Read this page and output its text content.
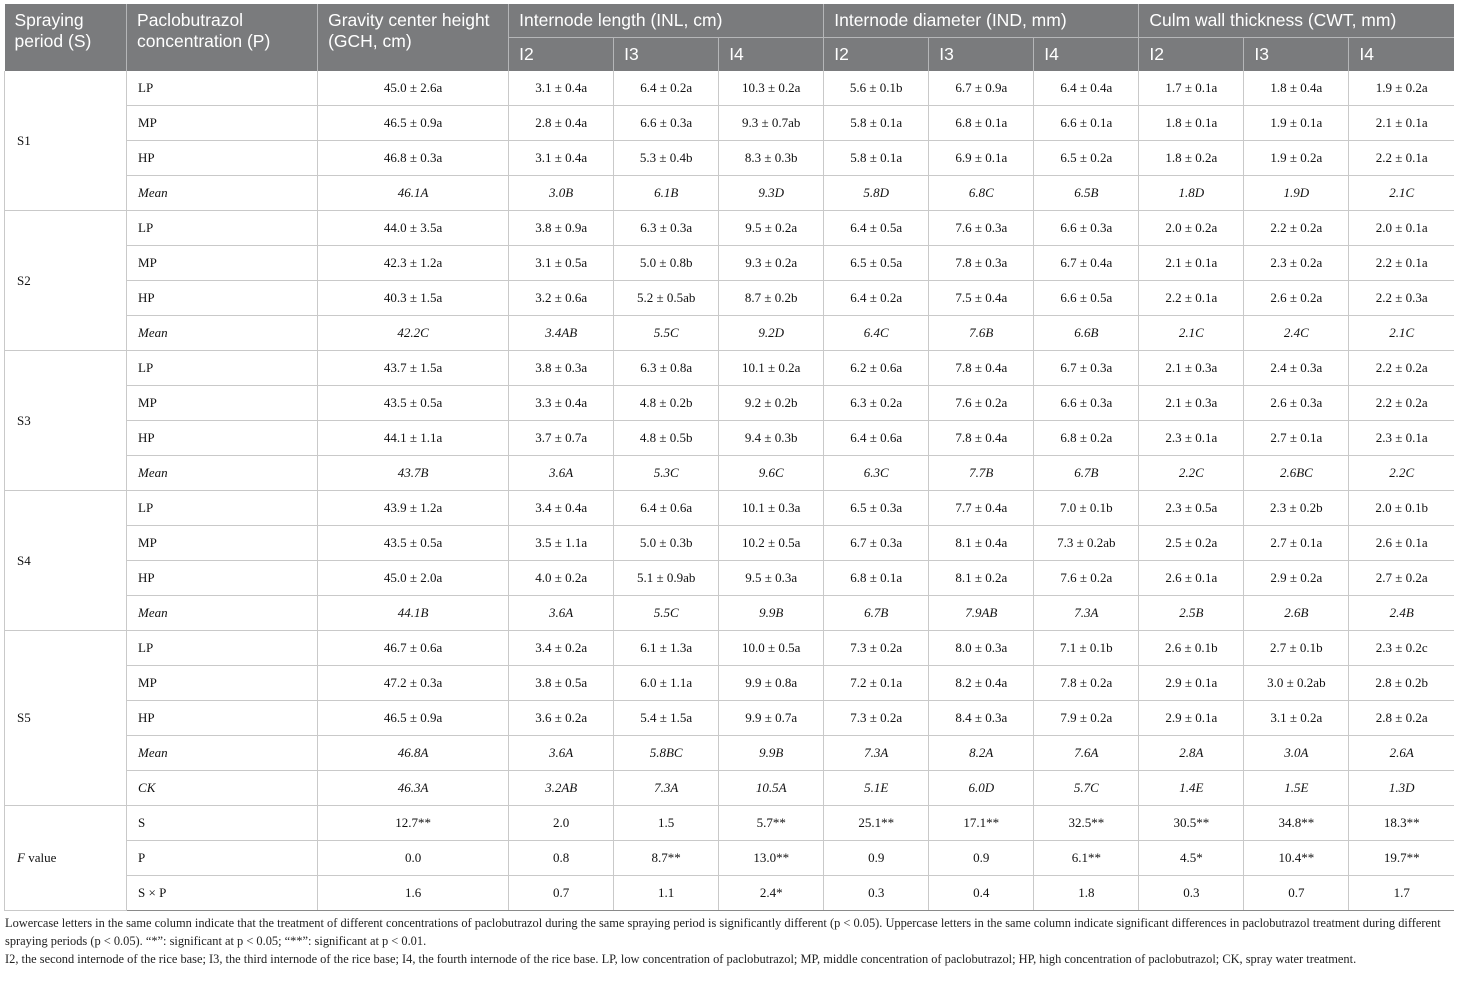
Spraying period (S)	Paclobutrazol concentration (P)	Gravity center height (GCH, cm)	Internode length (INL, cm)			Internode diameter (IND, mm)			Culm wall thickness (CWT, mm)		
			I2	I3	I4	I2	I3	I4	I2	I3	I4
S1	LP	45.0 ± 2.6a	3.1 ± 0.4a	6.4 ± 0.2a	10.3 ± 0.2a	5.6 ± 0.1b	6.7 ± 0.9a	6.4 ± 0.4a	1.7 ± 0.1a	1.8 ± 0.4a	1.9 ± 0.2a
	MP	46.5 ± 0.9a	2.8 ± 0.4a	6.6 ± 0.3a	9.3 ± 0.7ab	5.8 ± 0.1a	6.8 ± 0.1a	6.6 ± 0.1a	1.8 ± 0.1a	1.9 ± 0.1a	2.1 ± 0.1a
	HP	46.8 ± 0.3a	3.1 ± 0.4a	5.3 ± 0.4b	8.3 ± 0.3b	5.8 ± 0.1a	6.9 ± 0.1a	6.5 ± 0.2a	1.8 ± 0.2a	1.9 ± 0.2a	2.2 ± 0.1a
	Mean	46.1A	3.0B	6.1B	9.3D	5.8D	6.8C	6.5B	1.8D	1.9D	2.1C
S2	LP	44.0 ± 3.5a	3.8 ± 0.9a	6.3 ± 0.3a	9.5 ± 0.2a	6.4 ± 0.5a	7.6 ± 0.3a	6.6 ± 0.3a	2.0 ± 0.2a	2.2 ± 0.2a	2.0 ± 0.1a
	MP	42.3 ± 1.2a	3.1 ± 0.5a	5.0 ± 0.8b	9.3 ± 0.2a	6.5 ± 0.5a	7.8 ± 0.3a	6.7 ± 0.4a	2.1 ± 0.1a	2.3 ± 0.2a	2.2 ± 0.1a
	HP	40.3 ± 1.5a	3.2 ± 0.6a	5.2 ± 0.5ab	8.7 ± 0.2b	6.4 ± 0.2a	7.5 ± 0.4a	6.6 ± 0.5a	2.2 ± 0.1a	2.6 ± 0.2a	2.2 ± 0.3a
	Mean	42.2C	3.4AB	5.5C	9.2D	6.4C	7.6B	6.6B	2.1C	2.4C	2.1C
S3	LP	43.7 ± 1.5a	3.8 ± 0.3a	6.3 ± 0.8a	10.1 ± 0.2a	6.2 ± 0.6a	7.8 ± 0.4a	6.7 ± 0.3a	2.1 ± 0.3a	2.4 ± 0.3a	2.2 ± 0.2a
	MP	43.5 ± 0.5a	3.3 ± 0.4a	4.8 ± 0.2b	9.2 ± 0.2b	6.3 ± 0.2a	7.6 ± 0.2a	6.6 ± 0.3a	2.1 ± 0.3a	2.6 ± 0.3a	2.2 ± 0.2a
	HP	44.1 ± 1.1a	3.7 ± 0.7a	4.8 ± 0.5b	9.4 ± 0.3b	6.4 ± 0.6a	7.8 ± 0.4a	6.8 ± 0.2a	2.3 ± 0.1a	2.7 ± 0.1a	2.3 ± 0.1a
	Mean	43.7B	3.6A	5.3C	9.6C	6.3C	7.7B	6.7B	2.2C	2.6BC	2.2C
S4	LP	43.9 ± 1.2a	3.4 ± 0.4a	6.4 ± 0.6a	10.1 ± 0.3a	6.5 ± 0.3a	7.7 ± 0.4a	7.0 ± 0.1b	2.3 ± 0.5a	2.3 ± 0.2b	2.0 ± 0.1b
	MP	43.5 ± 0.5a	3.5 ± 1.1a	5.0 ± 0.3b	10.2 ± 0.5a	6.7 ± 0.3a	8.1 ± 0.4a	7.3 ± 0.2ab	2.5 ± 0.2a	2.7 ± 0.1a	2.6 ± 0.1a
	HP	45.0 ± 2.0a	4.0 ± 0.2a	5.1 ± 0.9ab	9.5 ± 0.3a	6.8 ± 0.1a	8.1 ± 0.2a	7.6 ± 0.2a	2.6 ± 0.1a	2.9 ± 0.2a	2.7 ± 0.2a
	Mean	44.1B	3.6A	5.5C	9.9B	6.7B	7.9AB	7.3A	2.5B	2.6B	2.4B
S5	LP	46.7 ± 0.6a	3.4 ± 0.2a	6.1 ± 1.3a	10.0 ± 0.5a	7.3 ± 0.2a	8.0 ± 0.3a	7.1 ± 0.1b	2.6 ± 0.1b	2.7 ± 0.1b	2.3 ± 0.2c
	MP	47.2 ± 0.3a	3.8 ± 0.5a	6.0 ± 1.1a	9.9 ± 0.8a	7.2 ± 0.1a	8.2 ± 0.4a	7.8 ± 0.2a	2.9 ± 0.1a	3.0 ± 0.2ab	2.8 ± 0.2b
	HP	46.5 ± 0.9a	3.6 ± 0.2a	5.4 ± 1.5a	9.9 ± 0.7a	7.3 ± 0.2a	8.4 ± 0.3a	7.9 ± 0.2a	2.9 ± 0.1a	3.1 ± 0.2a	2.8 ± 0.2a
	Mean	46.8A	3.6A	5.8BC	9.9B	7.3A	8.2A	7.6A	2.8A	3.0A	2.6A
	CK	46.3A	3.2AB	7.3A	10.5A	5.1E	6.0D	5.7C	1.4E	1.5E	1.3D
F value	S	12.7**	2.0	1.5	5.7**	25.1**	17.1**	32.5**	30.5**	34.8**	18.3**
	P	0.0	0.8	8.7**	13.0**	0.9	0.9	6.1**	4.5*	10.4**	19.7**
	S × P	1.6	0.7	1.1	2.4*	0.3	0.4	1.8	0.3	0.7	1.7

Lowercase letters in the same column indicate that the treatment of different concentrations of paclobutrazol during the same spraying period is significantly different (p < 0.05). Uppercase letters in the same column indicate significant differences in paclobutrazol treatment during different spraying periods (p < 0.05). “*”: significant at p < 0.05; “**”: significant at p < 0.01.

I2, the second internode of the rice base; I3, the third internode of the rice base; I4, the fourth internode of the rice base. LP, low concentration of paclobutrazol; MP, middle concentration of paclobutrazol; HP, high concentration of paclobutrazol; CK, spray water treatment.
